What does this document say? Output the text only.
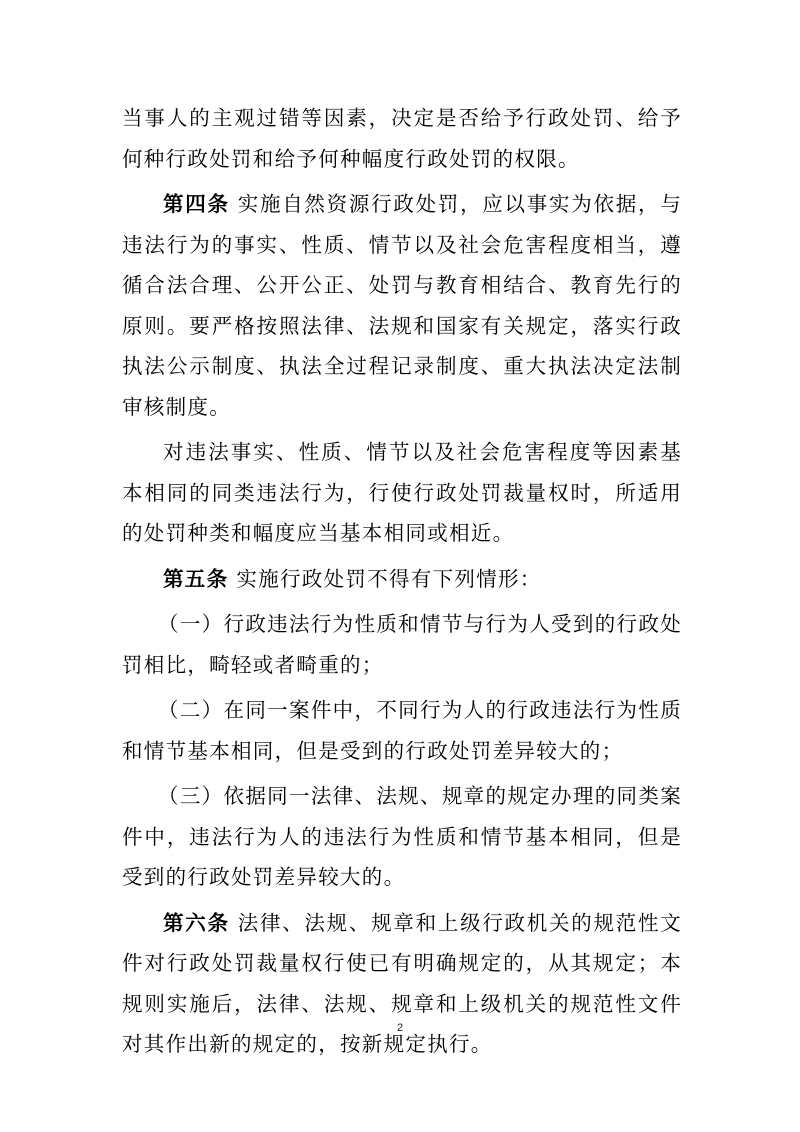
当事人的主观过错等因素，决定是否给予行政处罚、给予何种行政处罚和给予何种幅度行政处罚的权限。

第四条 实施自然资源行政处罚，应以事实为依据，与违法行为的事实、性质、情节以及社会危害程度相当，遵循合法合理、公开公正、处罚与教育相结合、教育先行的原则。要严格按照法律、法规和国家有关规定，落实行政执法公示制度、执法全过程记录制度、重大执法决定法制审核制度。

对违法事实、性质、情节以及社会危害程度等因素基本相同的同类违法行为，行使行政处罚裁量权时，所适用的处罚种类和幅度应当基本相同或相近。

第五条 实施行政处罚不得有下列情形：

（一）行政违法行为性质和情节与行为人受到的行政处罚相比，畸轻或者畸重的；

（二）在同一案件中，不同行为人的行政违法行为性质和情节基本相同，但是受到的行政处罚差异较大的；

（三）依据同一法律、法规、规章的规定办理的同类案件中，违法行为人的违法行为性质和情节基本相同，但是受到的行政处罚差异较大的。

第六条 法律、法规、规章和上级行政机关的规范性文件对行政处罚裁量权行使已有明确规定的，从其规定；本规则实施后，法律、法规、规章和上级机关的规范性文件对其作出新的规定的，按新规定执行。

2
